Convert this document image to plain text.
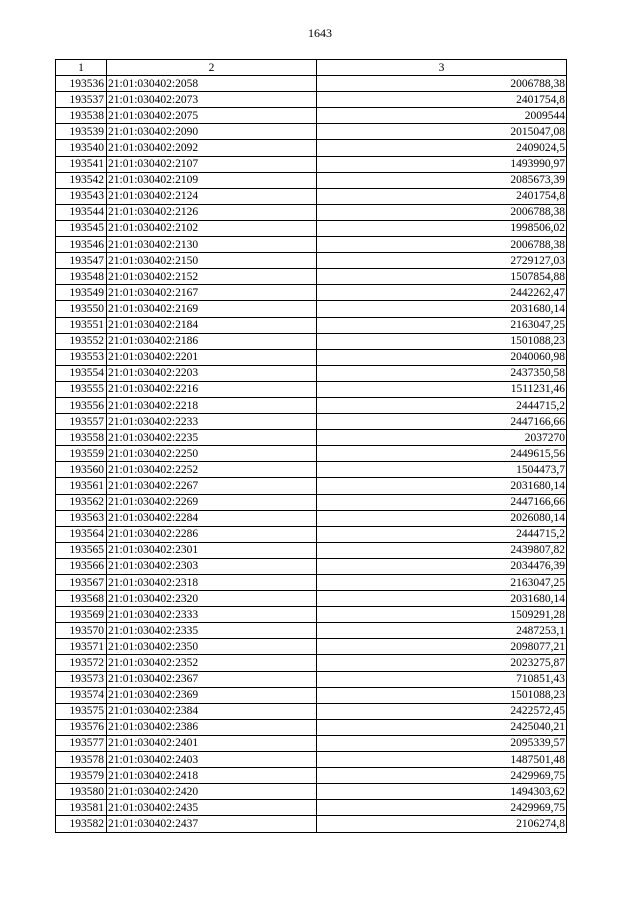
1643
1	2	3
193536	21:01:030402:2058	2006788,38
193537	21:01:030402:2073	2401754,8
193538	21:01:030402:2075	2009544
193539	21:01:030402:2090	2015047,08
193540	21:01:030402:2092	2409024,5
193541	21:01:030402:2107	1493990,97
193542	21:01:030402:2109	2085673,39
193543	21:01:030402:2124	2401754,8
193544	21:01:030402:2126	2006788,38
193545	21:01:030402:2102	1998506,02
193546	21:01:030402:2130	2006788,38
193547	21:01:030402:2150	2729127,03
193548	21:01:030402:2152	1507854,88
193549	21:01:030402:2167	2442262,47
193550	21:01:030402:2169	2031680,14
193551	21:01:030402:2184	2163047,25
193552	21:01:030402:2186	1501088,23
193553	21:01:030402:2201	2040060,98
193554	21:01:030402:2203	2437350,58
193555	21:01:030402:2216	1511231,46
193556	21:01:030402:2218	2444715,2
193557	21:01:030402:2233	2447166,66
193558	21:01:030402:2235	2037270
193559	21:01:030402:2250	2449615,56
193560	21:01:030402:2252	1504473,7
193561	21:01:030402:2267	2031680,14
193562	21:01:030402:2269	2447166,66
193563	21:01:030402:2284	2026080,14
193564	21:01:030402:2286	2444715,2
193565	21:01:030402:2301	2439807,82
193566	21:01:030402:2303	2034476,39
193567	21:01:030402:2318	2163047,25
193568	21:01:030402:2320	2031680,14
193569	21:01:030402:2333	1509291,28
193570	21:01:030402:2335	2487253,1
193571	21:01:030402:2350	2098077,21
193572	21:01:030402:2352	2023275,87
193573	21:01:030402:2367	710851,43
193574	21:01:030402:2369	1501088,23
193575	21:01:030402:2384	2422572,45
193576	21:01:030402:2386	2425040,21
193577	21:01:030402:2401	2095339,57
193578	21:01:030402:2403	1487501,48
193579	21:01:030402:2418	2429969,75
193580	21:01:030402:2420	1494303,62
193581	21:01:030402:2435	2429969,75
193582	21:01:030402:2437	2106274,8
